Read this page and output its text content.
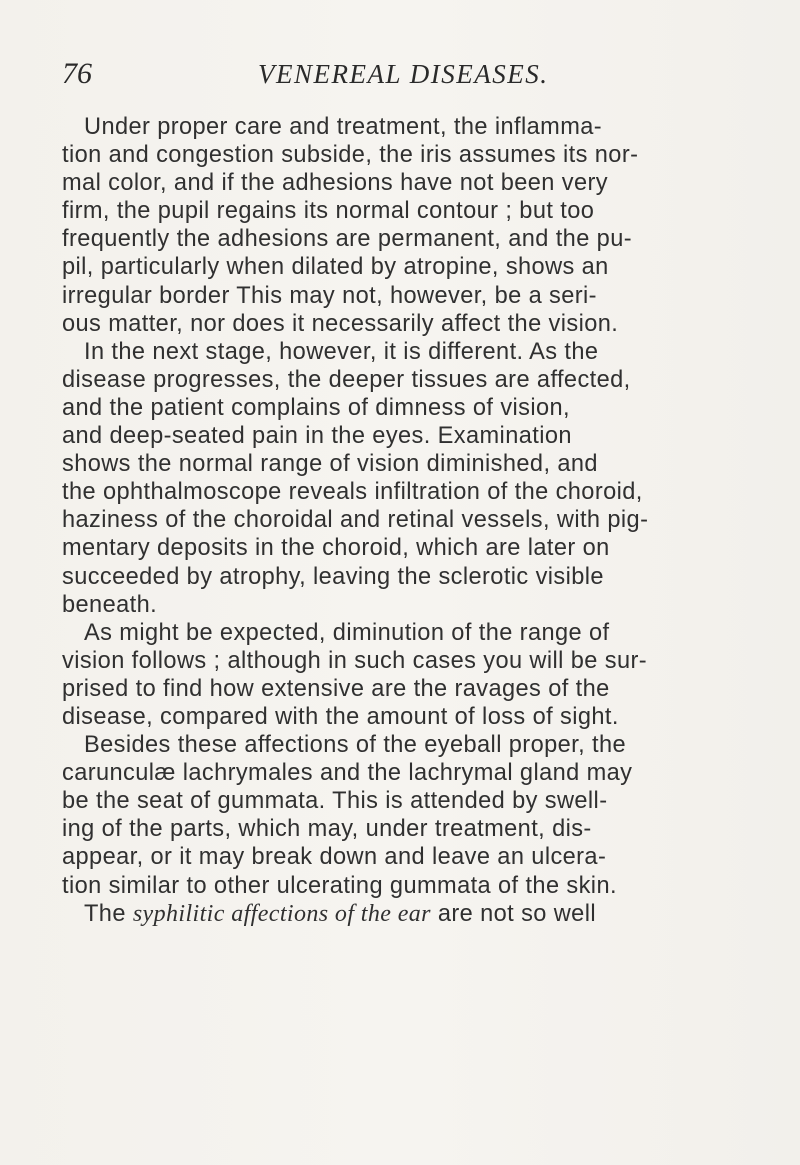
76	VENEREAL DISEASES.
Under proper care and treatment, the inflamma-
tion and congestion subside, the iris assumes its nor-
mal color, and if the adhesions have not been very
firm, the pupil regains its normal contour ; but too
frequently the adhesions are permanent, and the pu-
pil, particularly when dilated by atropine, shows an
irregular border This may not, however, be a seri-
ous matter, nor does it necessarily affect the vision.
In the next stage, however, it is different. As the
disease progresses, the deeper tissues are affected,
and the patient complains of dimness of vision,
and deep-seated pain in the eyes. Examination
shows the normal range of vision diminished, and
the ophthalmoscope reveals infiltration of the choroid,
haziness of the choroidal and retinal vessels, with pig-
mentary deposits in the choroid, which are later on
succeeded by atrophy, leaving the sclerotic visible
beneath.
As might be expected, diminution of the range of
vision follows ; although in such cases you will be sur-
prised to find how extensive are the ravages of the
disease, compared with the amount of loss of sight.
Besides these affections of the eyeball proper, the
carunculæ lachrymales and the lachrymal gland may
be the seat of gummata. This is attended by swell-
ing of the parts, which may, under treatment, dis-
appear, or it may break down and leave an ulcera-
tion similar to other ulcerating gummata of the skin.
The syphilitic affections of the ear are not so well
